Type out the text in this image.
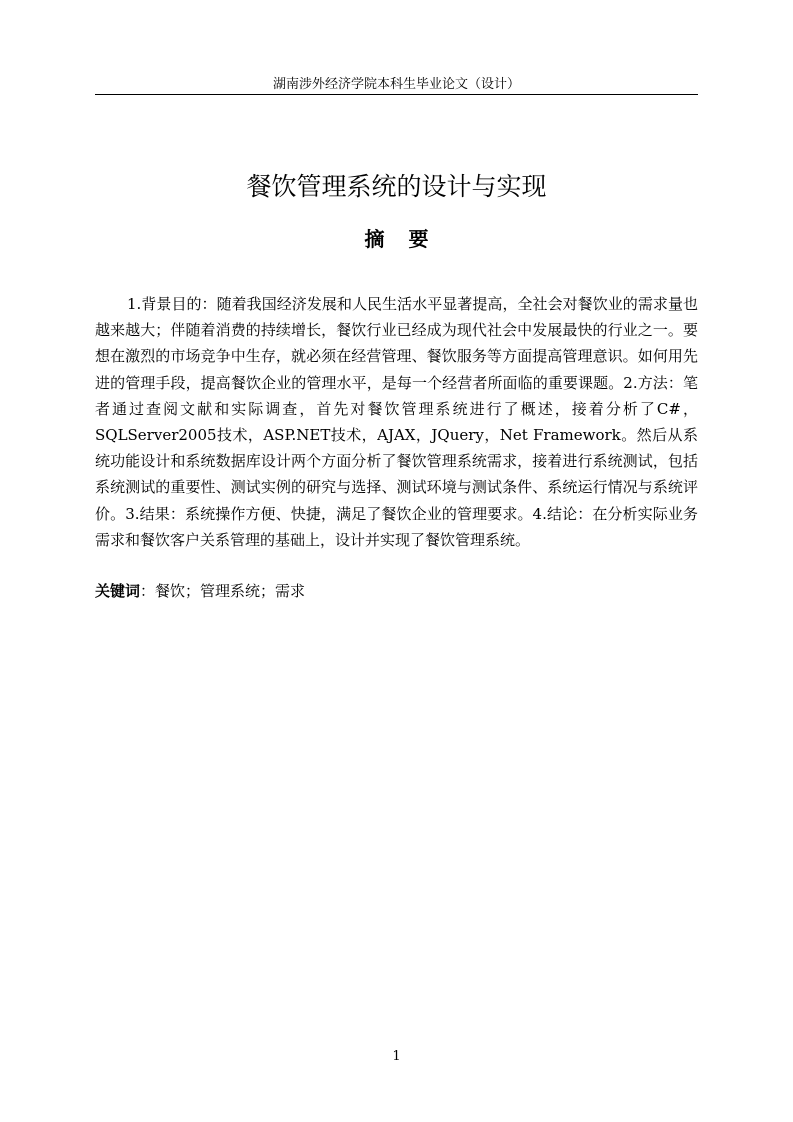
湖南涉外经济学院本科生毕业论文（设计）
餐饮管理系统的设计与实现
摘要

1.背景目的：随着我国经济发展和人民生活水平显著提高，全社会对餐饮业的需求量也越来越大；伴随着消费的持续增长，餐饮行业已经成为现代社会中发展最快的行业之一。要想在激烈的市场竞争中生存，就必须在经营管理、餐饮服务等方面提高管理意识。如何用先进的管理手段，提高餐饮企业的管理水平，是每一个经营者所面临的重要课题。2.方法：笔者通过查阅文献和实际调查，首先对餐饮管理系统进行了概述，接着分析了C#，SQLServer2005技术，ASP.NET技术，AJAX，JQuery，Net Framework。然后从系统功能设计和系统数据库设计两个方面分析了餐饮管理系统需求，接着进行系统测试，包括系统测试的重要性、测试实例的研究与选择、测试环境与测试条件、系统运行情况与系统评价。3.结果：系统操作方便、快捷，满足了餐饮企业的管理要求。4.结论：在分析实际业务需求和餐饮客户关系管理的基础上，设计并实现了餐饮管理系统。

关键词：餐饮；管理系统；需求
1
